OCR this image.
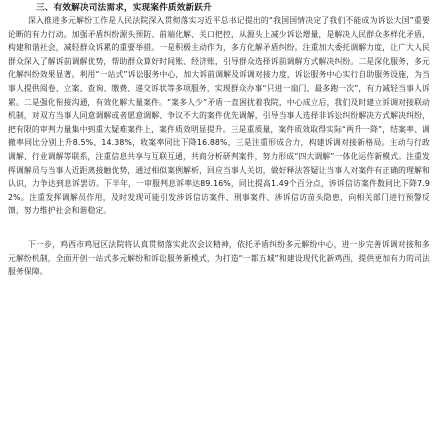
三、有效解决司法需求，实现案件质效新跃升

深入推进多元解纷工作是人民法院深入贯彻落实习近平总书记提出的“我国国情决定了我们不能成为诉讼大国”重要论断的有力行动。加强矛盾纠纷源头预防、前端化解、关口把控，从源头上减少诉讼增量，是解决人民群众多样化矛盾，构建和谐社会，减轻群众诉累的重要举措。一是积极主动作为，多方化解矛盾纠纷。注重加大委托调解力度，让广大人民群众深入了解诉前调解优势，帮助群众算好时间账、经济账，引导群众选择诉前调解方式解决纠纷。二是深化服务，多元化解纠纷效果显著。利用“一站式”诉讼服务中心，加大诉前调解及诉调对接力度，诉讼服务中心实行自助服务设施，为当事人提供阅卷、立案、查询、缴费、递交诉状等多项服务，实现群众办事“只进一扇门、最多跑一次”，有力减轻当事人诉累。二是强化衔接沟通，有效化解大量案件。“案多人少”矛盾一直困扰着我院，中心成立后，我们及时建立诉调对接联动机制，对双方当事人同意调解或者愿意调解、争议不大的案件优先调解，引导当事人选择非诉讼纠纷解决方式解决纠纷，把有限的审判力量集中到重大疑难案件上，案件质效明显提升。三是重质量，案件质效取得实际“两升一降”，结案率、调撤率同比分别上升8.5%、14.38%，收案率同比下降16.88%，三是注重形成合力，构建诉调对接新格局。主动与行政调解、行业调解等联系，注重信息共享与互联互通，共商分析研判案件，努力形成“四大调解”一体化运作新模式。注重发挥调解员与当事人近距离接触优势，通过相似案例解析，回应当事人关切，做好释法答疑让当事人对案件有正确的理解和认识，力争达到息诉罢访。下半年，一审服判息诉率达89.16%，同比提高1.49个百分点，涉诉信访案件数同比下降7.92%。注重发挥调解员作用，及时发现可能引发涉诉信访案件、刑事案件、涉诉信访苗头隐患，向相关部门进行预警反馈，努力维护社会和谐稳定。

下一步，鸡西市鸡冠区法院将认真贯彻落实此次会议精神，依托矛盾纠纷多元解纷中心，进一步完善诉调对接和多元解纷机制，全面开创一站式多元解纷和诉讼服务新模式，为打造“一都五城”和建设现代化新鸡西，提供更加有力的司法服务保障。
